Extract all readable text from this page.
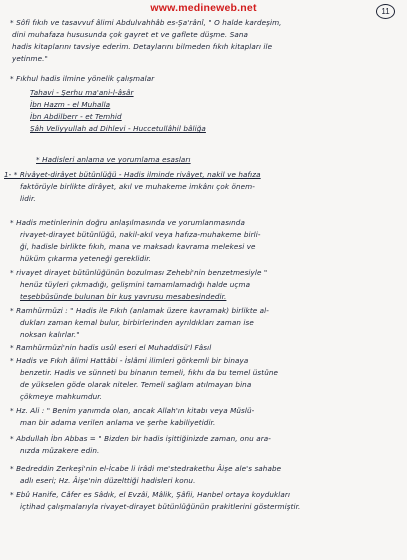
www.medineweb.net	11
* Sôfi fıkıh ve tasavvuf âlimi Abdulvahhâb es-Şa'rânî, " O halde kardeşim,
dini muhafaza hususunda çok gayret et ve gaflete düşme. Sana
hadis kitaplarını tavsiye ederim. Detaylarını bilmeden fıkıh kitapları ile
yetinme."
* Fıkhul hadis ilmine yönelik çalışmalar
Tahavi - Şerhu ma'ani-l-âsâr
İbn Hazm - el Muhalla
İbn Abdilberr - et Temhid
Şâh Veliyyullah ad Dihlevi - Huccetullâhil bâliğa
* Hadisleri anlama ve yorumlama esasları
1- * Rivâyet-dirâyet bütünlüğü - Hadis ilminde rivâyet, nakil ve hafıza
faktörüyle birlikte dirâyet, akıl ve muhakeme imkânı çok önem-
lidir.
* Hadis metinlerinin doğru anlaşılmasında ve yorumlanmasında
rivayet-dirayet bütünlüğü, nakil-akıl veya hafıza-muhakeme birli-
ği, hadisle birlikte fıkıh, mana ve maksadı kavrama melekesi ve
hüküm çıkarma yeteneği gereklidir.
* rivayet dirayet bütünlüğünün bozulması Zehebi'nin benzetmesiyle "
henüz tüyleri çıkmadığı, gelişmini tamamlamadığı halde uçma
teşebbüsünde bulunan bir kuş yavrusu mesabesindedir.
* Ramhürmüzi : " Hadis ile Fıkıh (anlamak üzere kavramak) birlikte al-
dukları zaman kemal bulur, birbirlerinden ayrıldıkları zaman ise
noksan kalırlar."
* Ramhürmüzi'nin hadis usûl eseri el Muhaddisü'l Fâsıl
* Hadis ve Fıkıh âlimi Hattâbi - İslâmi ilimleri görkemli bir binaya
benzetir. Hadis ve sünneti bu binanın temeli, fıkhı da bu temel üstüne
de yükselen göde olarak niteler. Temeli sağlam atılmayan bina
çökmeye mahkumdur.
* Hz. Ali : " Benim yanımda olan, ancak Allah'ın kitabı veya Müslü-
man bir adama verilen anlama ve şerhe kabiliyetidir.
* Abdullah İbn Abbas = " Bizden bir hadis işittiğinizde zaman, onu ara-
nızda müzakere edin.
* Bedreddin Zerkeşi'nin el-İcabe li irâdi me'stedrakethu Âişe ale's sahabe
adlı eseri; Hz. Âişe'nin düzelttiği hadisleri konu.
* Ebû Hanife, Câfer es Sâdık, el Evzâi, Mâlik, Şâfii, Hanbel ortaya koydukları
içtihad çalışmalarıyla rivayet-dirayet bütünlüğünün prakitlerini göstermiştir.
